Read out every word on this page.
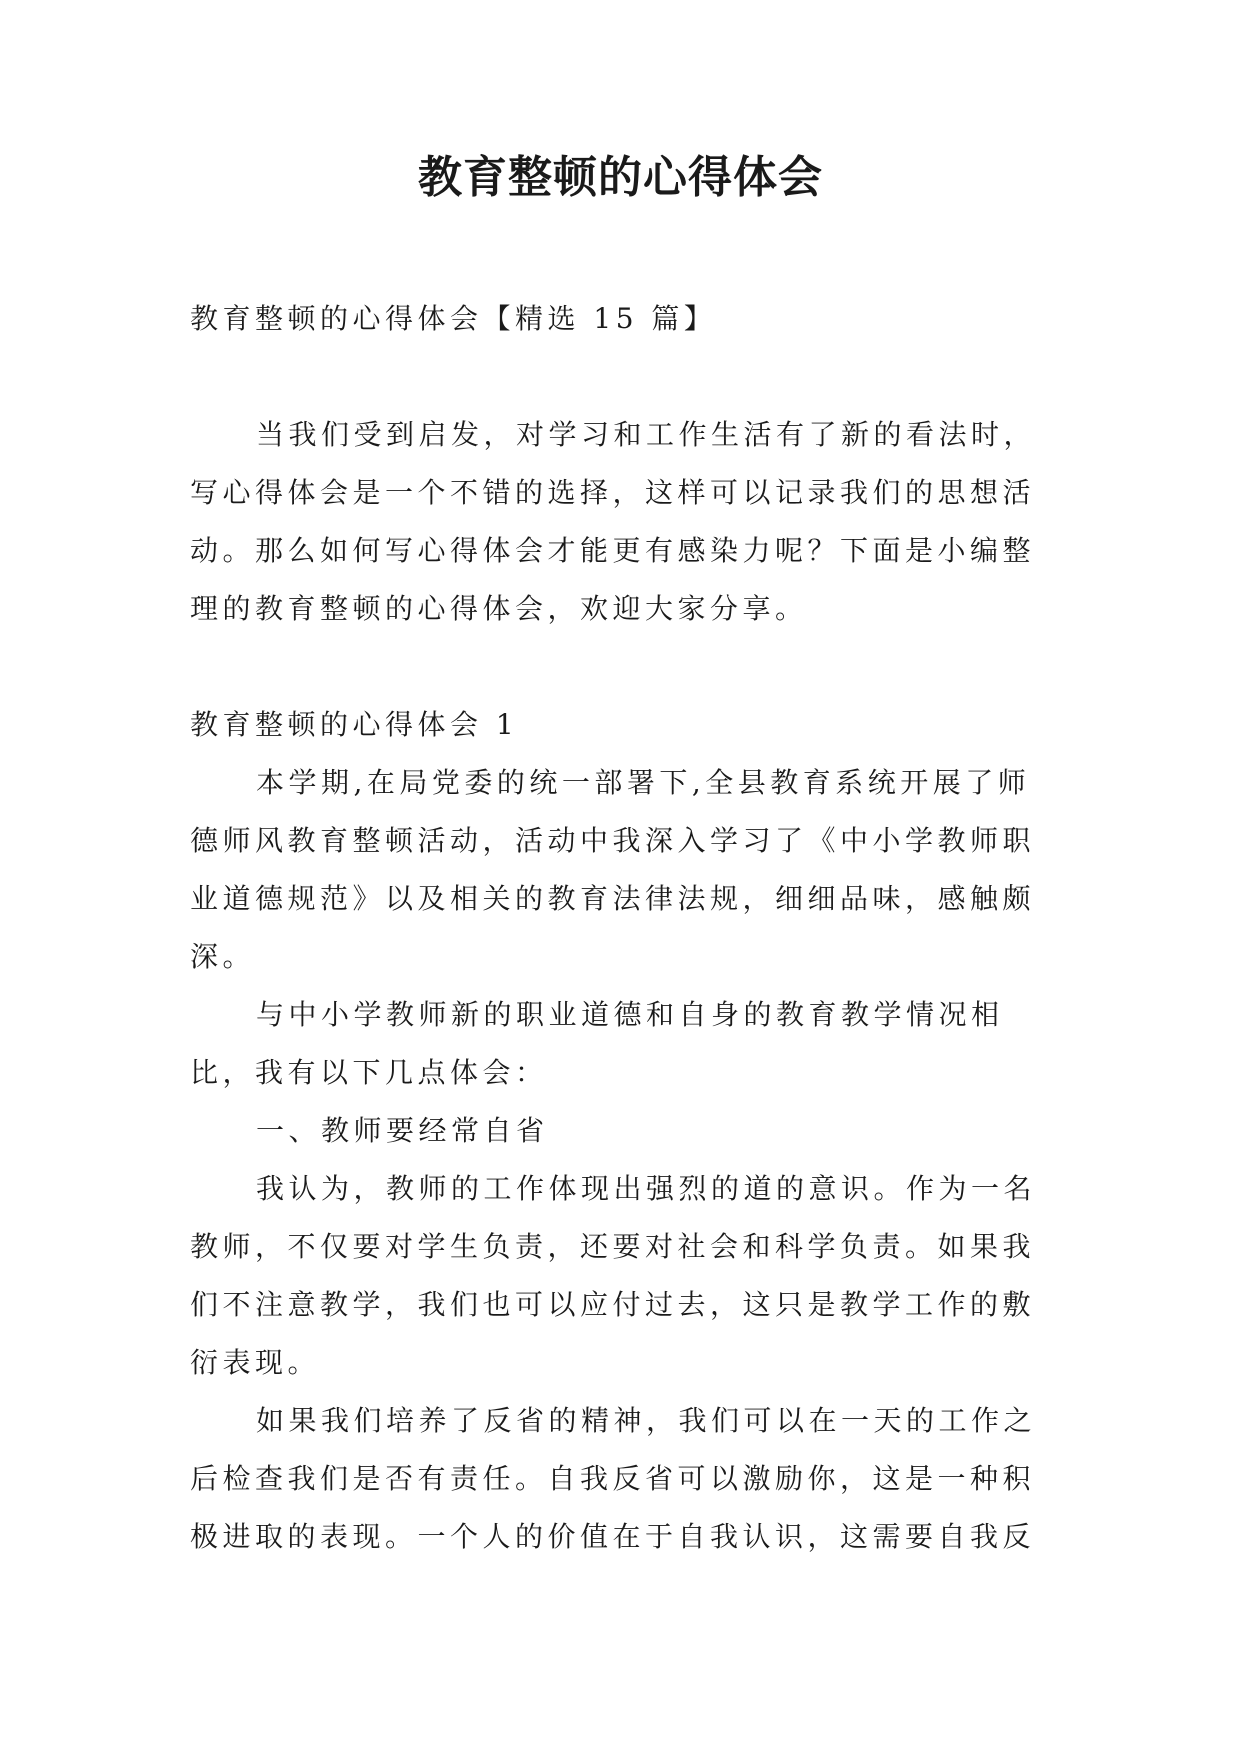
教育整顿的心得体会

教育整顿的心得体会【精选 15 篇】

当我们受到启发，对学习和工作生活有了新的看法时，写心得体会是一个不错的选择，这样可以记录我们的思想活动。那么如何写心得体会才能更有感染力呢？下面是小编整理的教育整顿的心得体会，欢迎大家分享。

教育整顿的心得体会 1

本学期,在局党委的统一部署下,全县教育系统开展了师德师风教育整顿活动，活动中我深入学习了《中小学教师职业道德规范》以及相关的教育法律法规，细细品味，感触颇深。

与中小学教师新的职业道德和自身的教育教学情况相比，我有以下几点体会：

一、教师要经常自省

我认为，教师的工作体现出强烈的道的意识。作为一名教师，不仅要对学生负责，还要对社会和科学负责。如果我们不注意教学，我们也可以应付过去，这只是教学工作的敷衍表现。

如果我们培养了反省的精神，我们可以在一天的工作之后检查我们是否有责任。自我反省可以激励你，这是一种积极进取的表现。一个人的价值在于自我认识，这需要自我反
